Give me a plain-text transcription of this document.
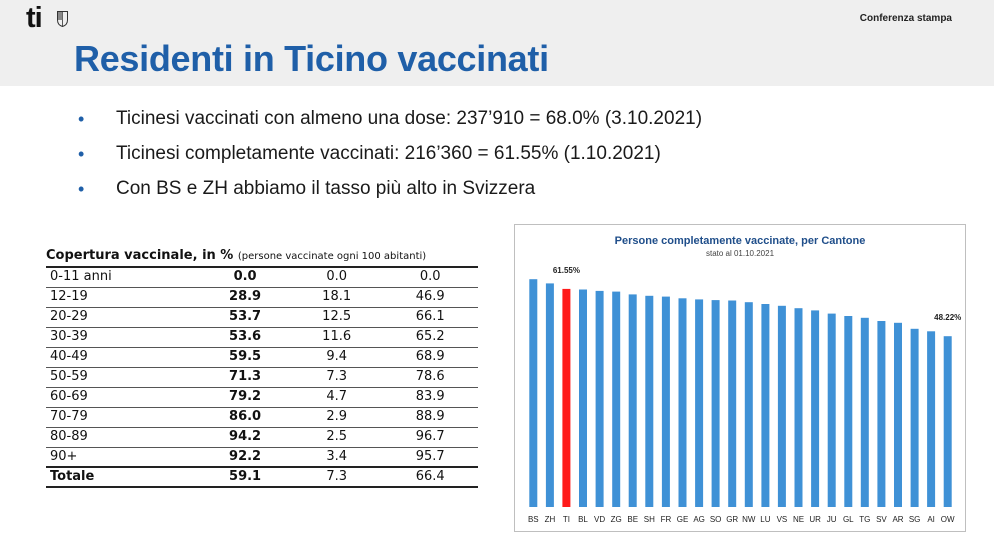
ti	Conferenza stampa
Residenti in Ticino vaccinati
• Ticinesi vaccinati con almeno una dose: 237’910 = 68.0% (3.10.2021)
• Ticinesi completamente vaccinati: 216’360 = 61.55% (1.10.2021)
• Con BS e ZH abbiamo il tasso più alto in Svizzera
Copertura vaccinale, in % (persone vaccinate ogni 100 abitanti)
0-11 anni	0.0	0.0	0.0
12-19	28.9	18.1	46.9
20-29	53.7	12.5	66.1
30-39	53.6	11.6	65.2
40-49	59.5	9.4	68.9
50-59	71.3	7.3	78.6
60-69	79.2	4.7	83.9
70-79	86.0	2.9	88.9
80-89	94.2	2.5	96.7
90+	92.2	3.4	95.7
Totale	59.1	7.3	66.4
Persone completamente vaccinate, per Cantone
stato al 01.10.2021
BS ZH TI
61.55%
BL VD ZG BE SH FR GE AG SO GR NW LU VS NE UR JU GL TG SV AR SG AI OW
48.22%
